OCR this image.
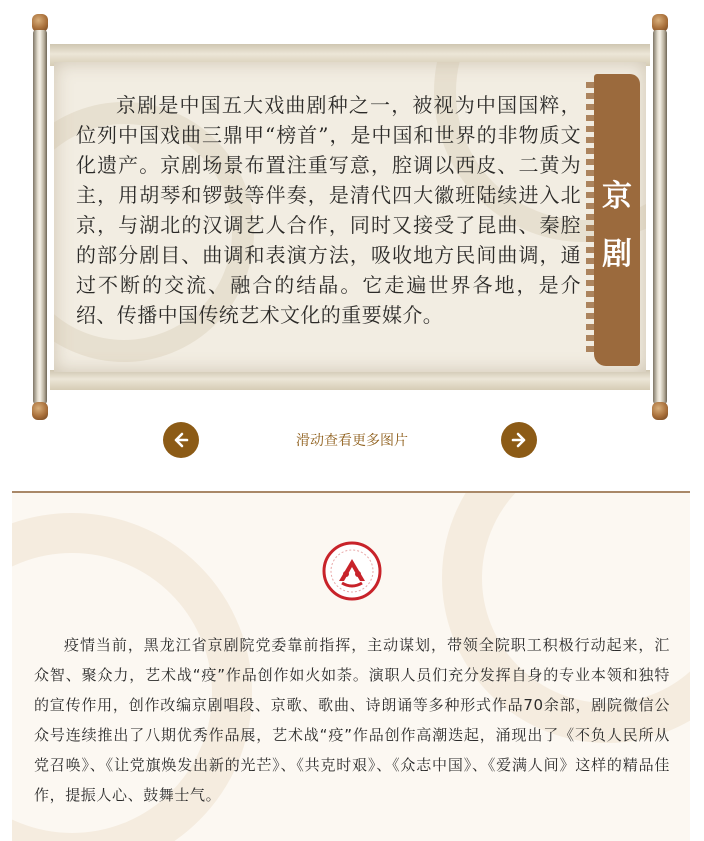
京剧是中国五大戏曲剧种之一，被视为中国国粹，位列中国戏曲三鼎甲“榜首”，是中国和世界的非物质文化遗产。京剧场景布置注重写意，腔调以西皮、二黄为主，用胡琴和锣鼓等伴奏，是清代四大徽班陆续进入北京，与湖北的汉调艺人合作，同时又接受了昆曲、秦腔的部分剧目、曲调和表演方法，吸收地方民间曲调，通过不断的交流、融合的结晶。它走遍世界各地，是介绍、传播中国传统艺术文化的重要媒介。

京
剧
滑动查看更多图片

疫情当前，黑龙江省京剧院党委靠前指挥，主动谋划，带领全院职工积极行动起来，汇众智、聚众力，艺术战“疫”作品创作如火如荼。演职人员们充分发挥自身的专业本领和独特的宣传作用，创作改编京剧唱段、京歌、歌曲、诗朗诵等多种形式作品70余部，剧院微信公众号连续推出了八期优秀作品展，艺术战“疫”作品创作高潮迭起，涌现出了《不负人民所从党召唤》、《让党旗焕发出新的光芒》、《共克时艰》、《众志中国》、《爱满人间》这样的精品佳作，提振人心、鼓舞士气。
